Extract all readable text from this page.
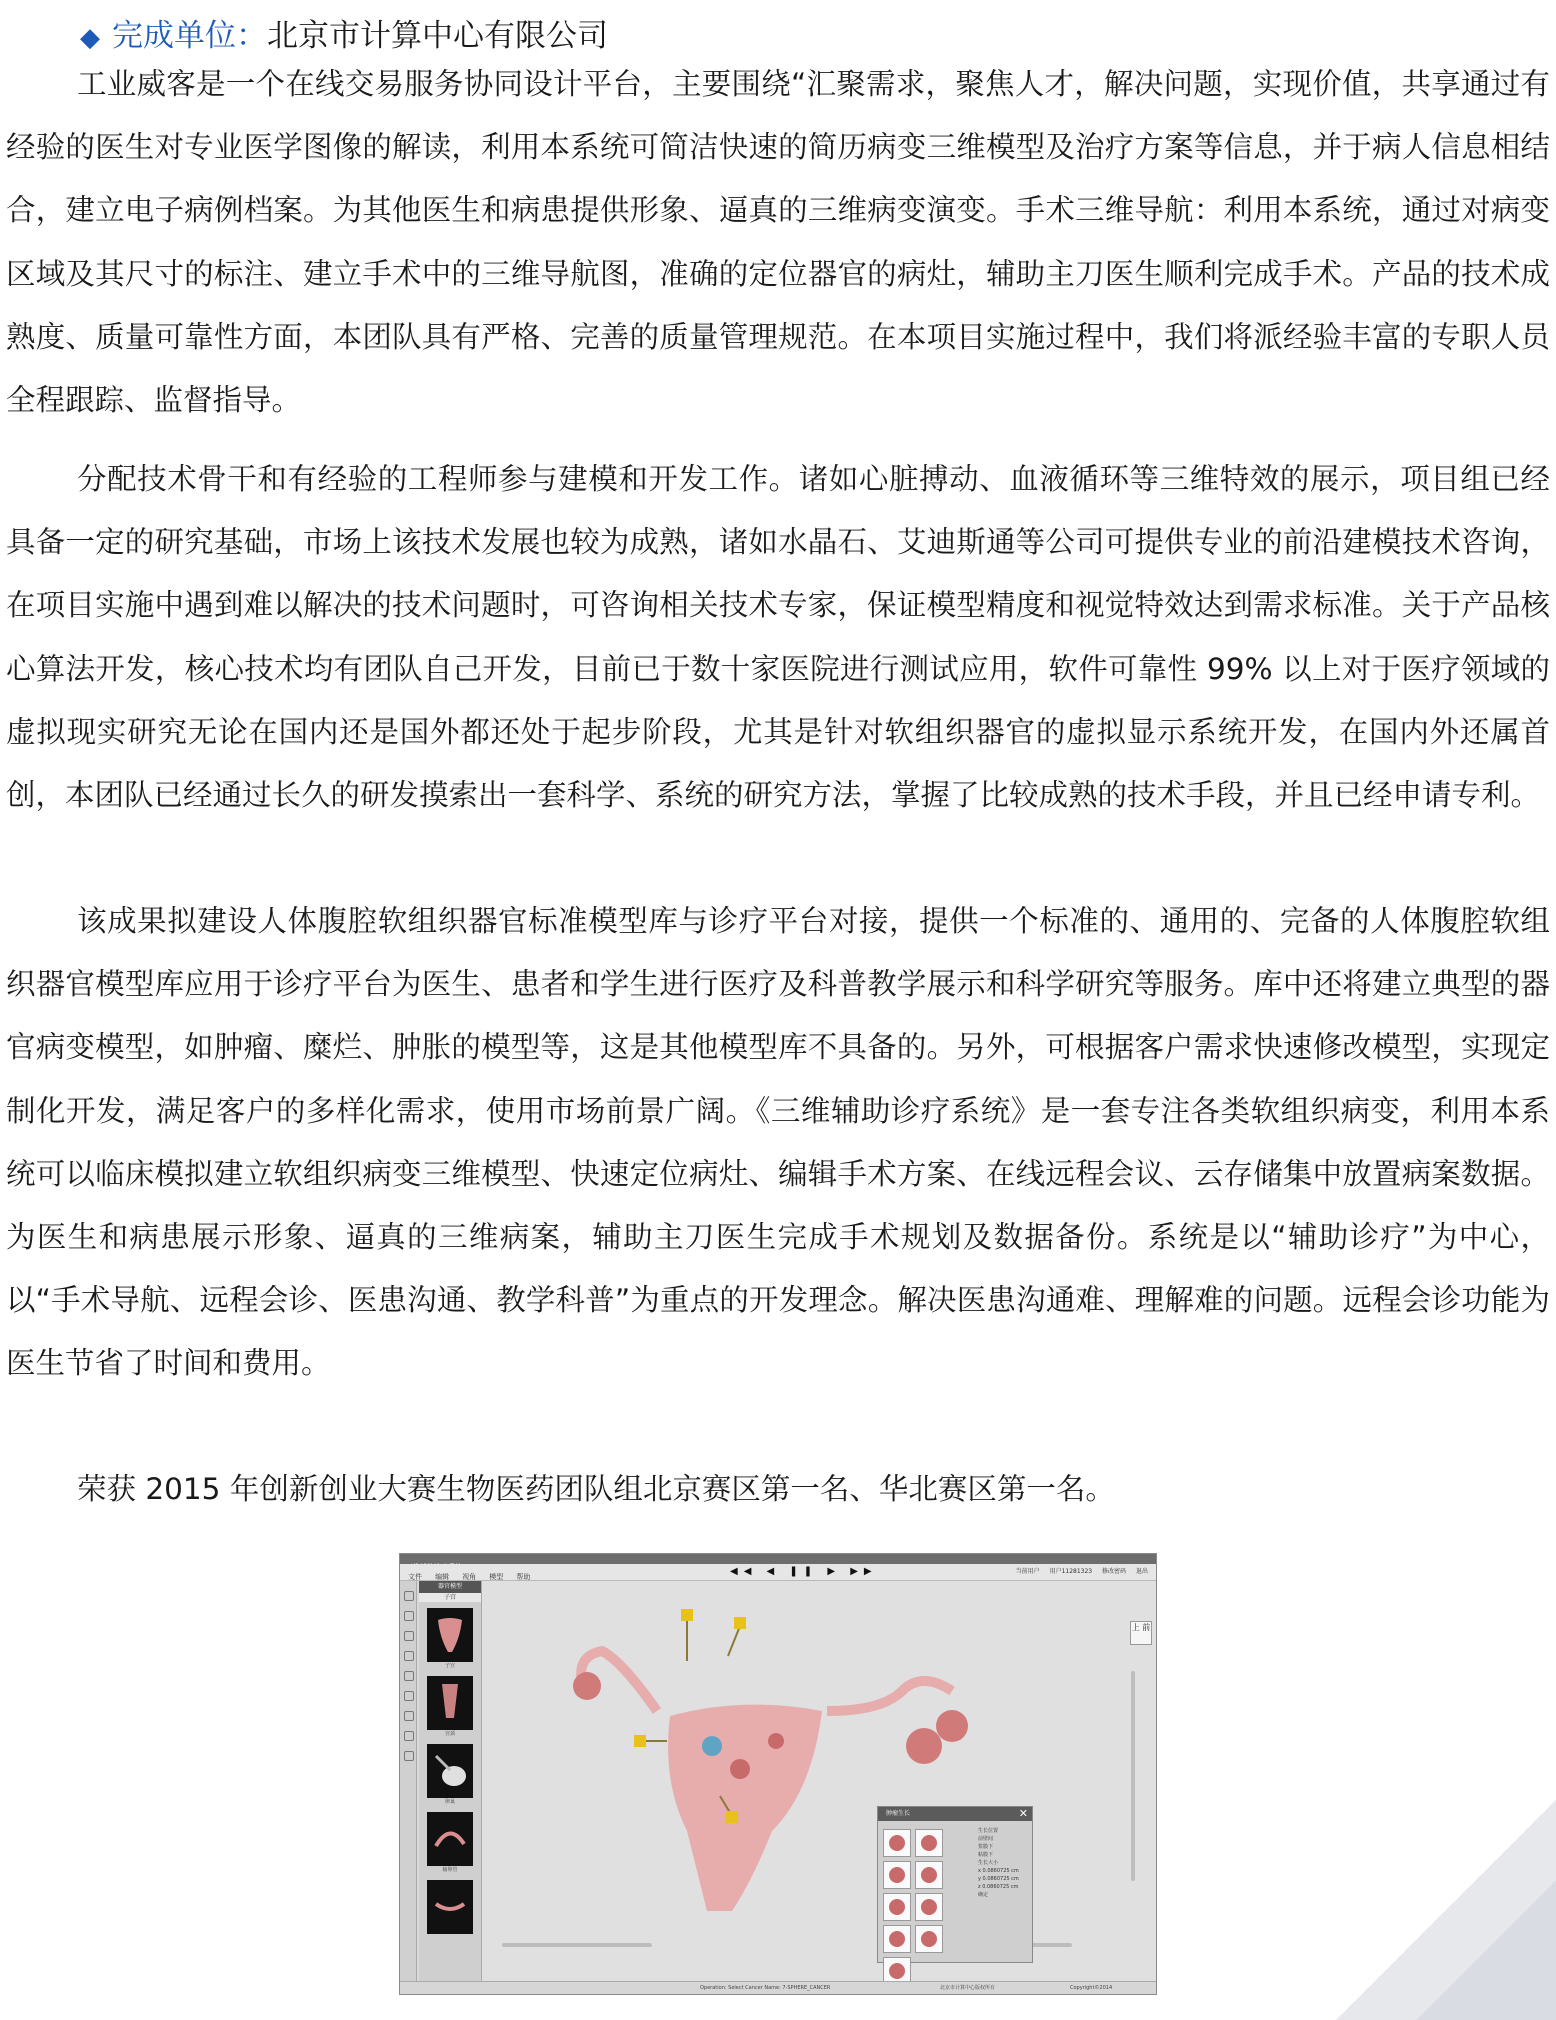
◆ 完成单位：北京市计算中心有限公司

工业威客是一个在线交易服务协同设计平台，主要围绕“汇聚需求，聚焦人才，解决问题，实现价值，共享通过有经验的医生对专业医学图像的解读，利用本系统可简洁快速的简历病变三维模型及治疗方案等信息，并于病人信息相结合，建立电子病例档案。为其他医生和病患提供形象、逼真的三维病变演变。手术三维导航：利用本系统，通过对病变区域及其尺寸的标注、建立手术中的三维导航图，准确的定位器官的病灶，辅助主刀医生顺利完成手术。产品的技术成熟度、质量可靠性方面，本团队具有严格、完善的质量管理规范。在本项目实施过程中，我们将派经验丰富的专职人员全程跟踪、监督指导。

分配技术骨干和有经验的工程师参与建模和开发工作。诸如心脏搏动、血液循环等三维特效的展示，项目组已经具备一定的研究基础，市场上该技术发展也较为成熟，诸如水晶石、艾迪斯通等公司可提供专业的前沿建模技术咨询，在项目实施中遇到难以解决的技术问题时，可咨询相关技术专家，保证模型精度和视觉特效达到需求标准。关于产品核心算法开发，核心技术均有团队自己开发，目前已于数十家医院进行测试应用，软件可靠性 99% 以上对于医疗领域的虚拟现实研究无论在国内还是国外都还处于起步阶段，尤其是针对软组织器官的虚拟显示系统开发，在国内外还属首创，本团队已经通过长久的研发摸索出一套科学、系统的研究方法，掌握了比较成熟的技术手段，并且已经申请专利。

该成果拟建设人体腹腔软组织器官标准模型库与诊疗平台对接，提供一个标准的、通用的、完备的人体腹腔软组织器官模型库应用于诊疗平台为医生、患者和学生进行医疗及科普教学展示和科学研究等服务。库中还将建立典型的器官病变模型，如肿瘤、糜烂、肿胀的模型等，这是其他模型库不具备的。另外，可根据客户需求快速修改模型，实现定制化开发，满足客户的多样化需求，使用市场前景广阔。《三维辅助诊疗系统》是一套专注各类软组织病变，利用本系统可以临床模拟建立软组织病变三维模型、快速定位病灶、编辑手术方案、在线远程会议、云存储集中放置病案数据。为医生和病患展示形象、逼真的三维病案，辅助主刀医生完成手术规划及数据备份。系统是以“辅助诊疗”为中心，以“手术导航、远程会诊、医患沟通、教学科普”为重点的开发理念。解决医患沟通难、理解难的问题。远程会诊功能为医生节省了时间和费用。

荣获 2015 年创新创业大赛生物医药团队组北京赛区第一名、华北赛区第一名。

文件 编辑 视角 模型 帮助	◀◀ ◀ ❚❚ ▶ ▶▶	当前用户 用户11281323 修改密码 退出
器官模型
子宫
子宫
宫颈
卵巢
输卵管
上 前
肿瘤生长	✕
生长位置
前壁间
浆膜下
粘膜下
生长大小
x 0.0860725 cm
y 0.0860725 cm
z 0.0860725 cm
确定
Operation: Select Cancer Name: 7-SPHERE_CANCER	北京市计算中心版权所有	Copyright©2014
